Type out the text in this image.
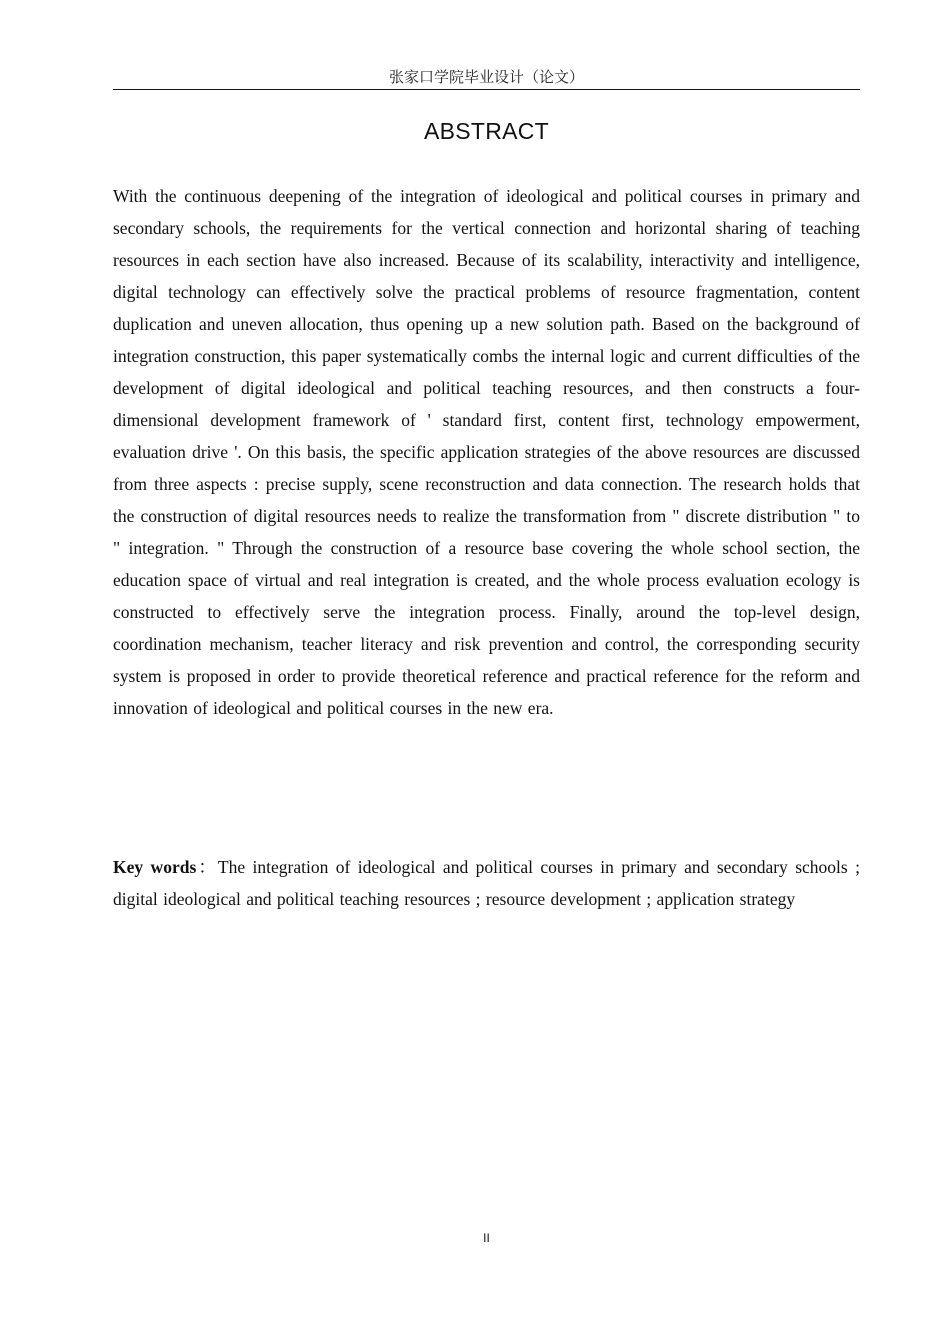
张家口学院毕业设计（论文）
ABSTRACT

With the continuous deepening of the integration of ideological and political courses in primary and secondary schools, the requirements for the vertical connection and horizontal sharing of teaching resources in each section have also increased. Because of its scalability, interactivity and intelligence, digital technology can effectively solve the practical problems of resource fragmentation, content duplication and uneven allocation, thus opening up a new solution path. Based on the background of integration construction, this paper systematically combs the internal logic and current difficulties of the development of digital ideological and political teaching resources, and then constructs a four-dimensional development framework of ' standard first, content first, technology empowerment, evaluation drive '. On this basis, the specific application strategies of the above resources are discussed from three aspects : precise supply, scene reconstruction and data connection. The research holds that the construction of digital resources needs to realize the transformation from " discrete distribution " to " integration. " Through the construction of a resource base covering the whole school section, the education space of virtual and real integration is created, and the whole process evaluation ecology is constructed to effectively serve the integration process. Finally, around the top-level design, coordination mechanism, teacher literacy and risk prevention and control, the corresponding security system is proposed in order to provide theoretical reference and practical reference for the reform and innovation of ideological and political courses in the new era.

Key words：The integration of ideological and political courses in primary and secondary schools ; digital ideological and political teaching resources ; resource development ; application strategy

II
